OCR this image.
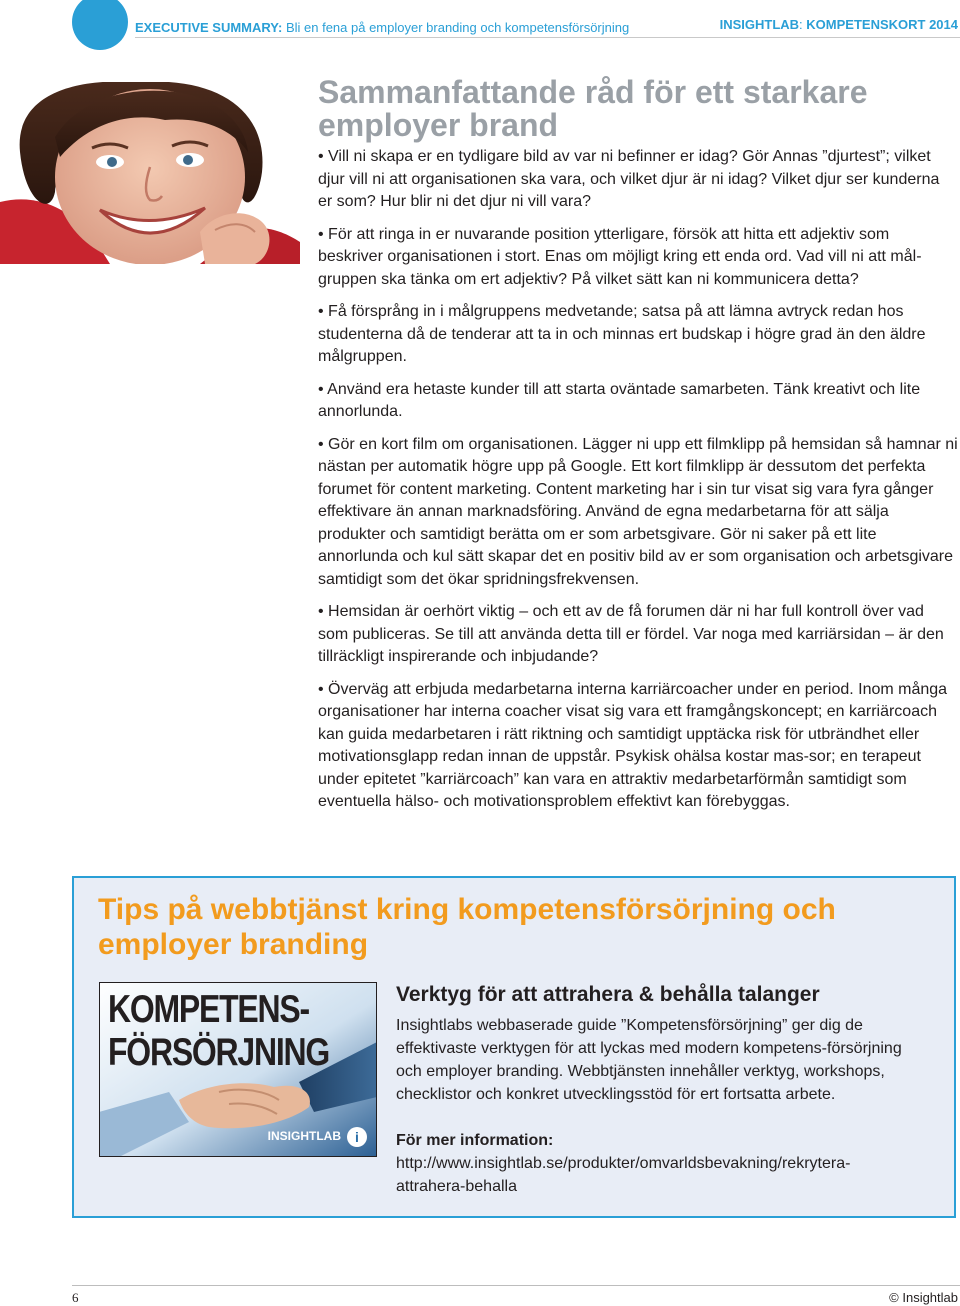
EXECUTIVE SUMMARY: Bli en fena på employer branding och kompetensförsörjning	INSIGHTLAB: KOMPETENSKORT 2014
Sammanfattande råd för ett starkare employer brand
• Vill ni skapa er en tydligare bild av var ni befinner er idag? Gör Annas ”djurtest”; vilket djur vill ni att organisationen ska vara, och vilket djur är ni idag? Vilket djur ser kunderna er som? Hur blir ni det djur ni vill vara?
• För att ringa in er nuvarande position ytterligare, försök att hitta ett adjektiv som beskriver organisationen i stort. Enas om möjligt kring ett enda ord. Vad vill ni att mål-gruppen ska tänka om ert adjektiv? På vilket sätt kan ni kommunicera detta?
• Få försprång in i målgruppens medvetande; satsa på att lämna avtryck redan hos studenterna då de tenderar att ta in och minnas ert budskap i högre grad än den äldre målgruppen.
• Använd era hetaste kunder till att starta oväntade samarbeten. Tänk kreativt och lite annorlunda.
• Gör en kort film om organisationen. Lägger ni upp ett filmklipp på hemsidan så hamnar ni nästan per automatik högre upp på Google. Ett kort filmklipp är dessutom det perfekta forumet för content marketing. Content marketing har i sin tur visat sig vara fyra gånger effektivare än annan marknadsföring. Använd de egna medarbetarna för att sälja produkter och samtidigt berätta om er som arbetsgivare. Gör ni saker på ett lite annorlunda och kul sätt skapar det en positiv bild av er som organisation och arbetsgivare samtidigt som det ökar spridningsfrekvensen.
• Hemsidan är oerhört viktig – och ett av de få forumen där ni har full kontroll över vad som publiceras. Se till att använda detta till er fördel. Var noga med karriärsidan – är den tillräckligt inspirerande och inbjudande?
• Överväg att erbjuda medarbetarna interna karriärcoacher under en period. Inom många organisationer har interna coacher visat sig vara ett framgångskoncept; en karriärcoach kan guida medarbetaren i rätt riktning och samtidigt upptäcka risk för utbrändhet eller motivationsglapp redan innan de uppstår. Psykisk ohälsa kostar mas-sor; en terapeut under epitetet ”karriärcoach” kan vara en attraktiv medarbetarförmån samtidigt som eventuella hälso- och motivationsproblem effektivt kan förebyggas.
Tips på webbtjänst kring kompetensförsörjning och employer branding
KOMPETENS-
FÖRSÖRJNING
INSIGHTLAB	i
Verktyg för att attrahera & behålla talanger
Insightlabs webbaserade guide ”Kompetensförsörjning” ger dig de effektivaste verktygen för att lyckas med modern kompetens-försörjning och employer branding. Webbtjänsten innehåller verktyg, workshops, checklistor och konkret utvecklingsstöd för ert fortsatta arbete.
För mer information: http://www.insightlab.se/produkter/omvarldsbevakning/rekrytera-attrahera-behalla
6	© Insightlab
